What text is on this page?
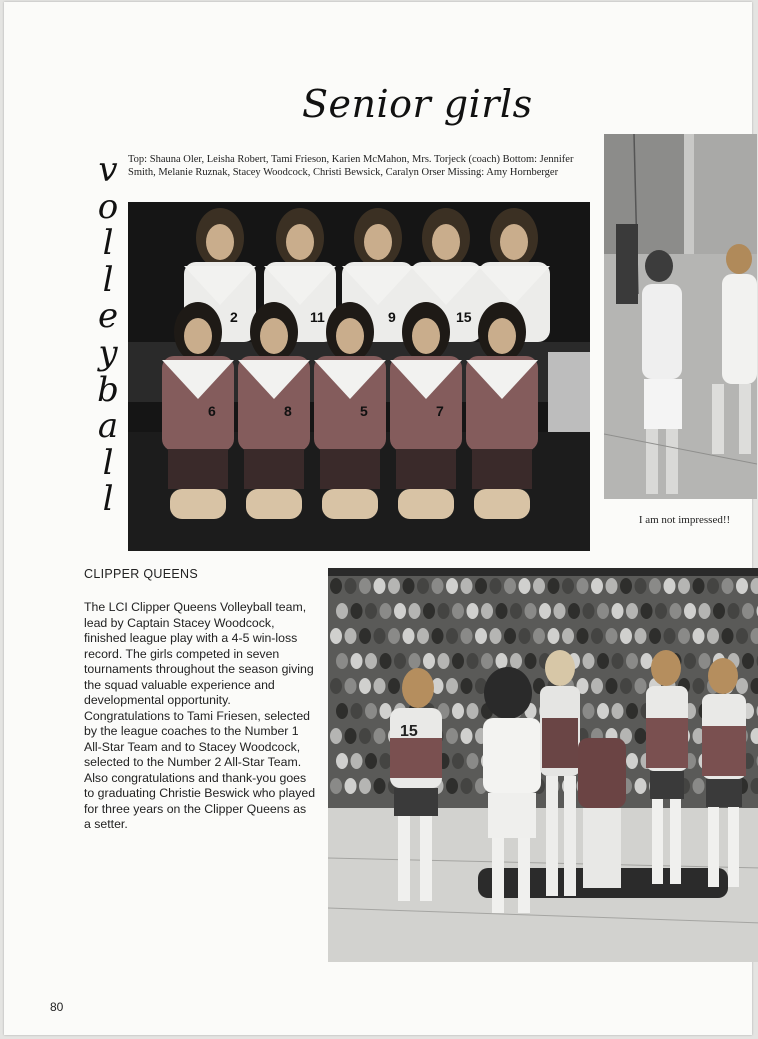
Senior girls
v
o
l
l
e
y
b
a
l
l
Top: Shauna Oler, Leisha Robert, Tami Frieson, Karien McMahon, Mrs. Torjeck (coach) Bottom: Jennifer Smith, Melanie Ruznak, Stacey Woodcock, Christi Bewsick, Caralyn Orser Missing: Amy Hornberger
2	11	9	15
6	8	5	7
I am not impressed!!
CLIPPER QUEENS
The LCI Clipper Queens Volleyball team, lead by Captain Stacey Woodcock, finished league play with a 4-5 win-loss record. The girls competed in seven tournaments throughout the season giving the squad valuable experience and developmental opportunity. Congratulations to Tami Friesen, selected by the league coaches to the Number 1 All-Star Team and to Stacey Woodcock, selected to the Number 2 All-Star Team. Also congratulations and thank-you goes to graduating Christie Beswick who played for three years on the Clipper Queens as a setter.
15
80
